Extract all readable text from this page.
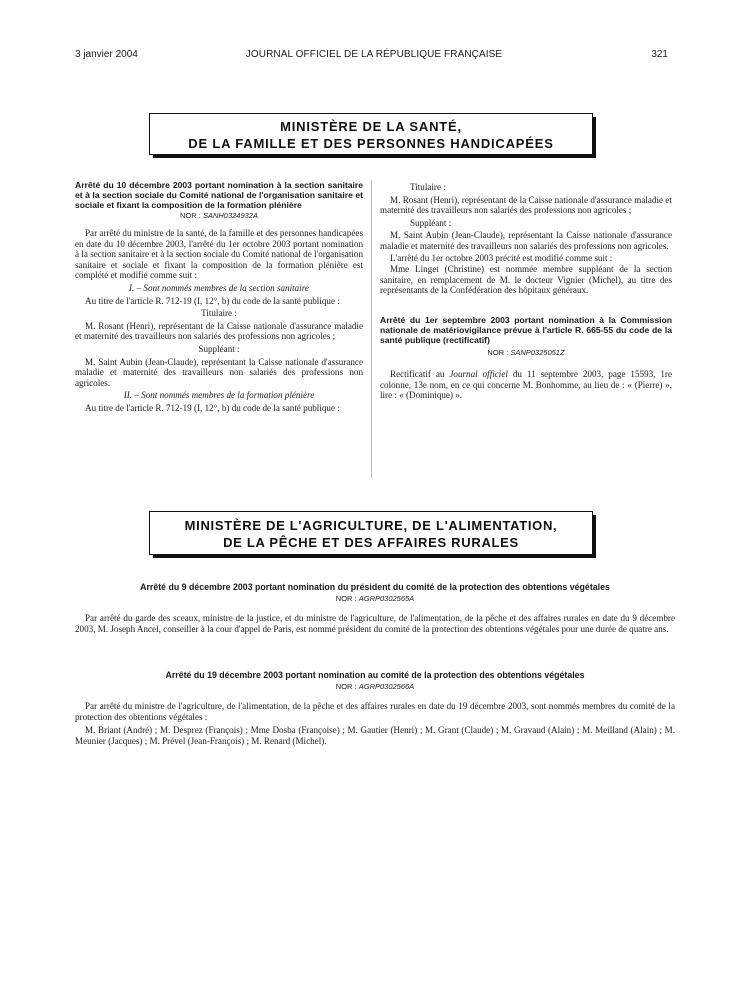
3 janvier 2004	JOURNAL OFFICIEL DE LA RÉPUBLIQUE FRANÇAISE	321
MINISTÈRE DE LA SANTÉ,
DE LA FAMILLE ET DES PERSONNES HANDICAPÉES

Arrêté du 10 décembre 2003 portant nomination à la section sanitaire et à la section sociale du Comité national de l'organisation sanitaire et sociale et fixant la composition de la formation plénière

NOR : SANH0324932A

Par arrêté du ministre de la santé, de la famille et des personnes handicapées en date du 10 décembre 2003, l'arrêté du 1er octobre 2003 portant nomination à la section sanitaire et à la section sociale du Comité national de l'organisation sanitaire et sociale et fixant la composition de la formation plénière est complété et modifié comme suit :

I. – Sont nommés membres de la section sanitaire

Au titre de l'article R. 712-19 (I, 12°, b) du code de la santé publique :

Titulaire :

M. Rosant (Henri), représentant de la Caisse nationale d'assurance maladie et maternité des travailleurs non salariés des professions non agricoles ;

Suppléant :

M. Saint Aubin (Jean-Claude), représentant la Caisse nationale d'assurance maladie et maternité des travailleurs non salariés des professions non agricoles.

II. – Sont nommés membres de la formation plénière

Au titre de l'article R. 712-19 (I, 12°, b) du code de la santé publique :

Titulaire :

M. Rosant (Henri), représentant de la Caisse nationale d'assurance maladie et maternité des travailleurs non salariés des professions non agricoles ;

Suppléant :

M. Saint Aubin (Jean-Claude), représentant la Caisse nationale d'assurance maladie et maternité des travailleurs non salariés des professions non agricoles.

L'arrêté du 1er octobre 2003 précité est modifié comme suit :

Mme Linget (Christine) est nommée membre suppléant de la section sanitaire, en remplacement de M. le docteur Vignier (Michel), au titre des représentants de la Confédération des hôpitaux généraux.

Arrêté du 1er septembre 2003 portant nomination à la Commission nationale de matériovigilance prévue à l'article R. 665-55 du code de la santé publique (rectificatif)

NOR : SANP0325051Z

Rectificatif au Journal officiel du 11 septembre 2003, page 15593, 1re colonne, 13e nom, en ce qui concerne M. Bonhomme, au lieu de : « (Pierre) », lire : « (Dominique) ».

MINISTÈRE DE L'AGRICULTURE, DE L'ALIMENTATION,
DE LA PÊCHE ET DES AFFAIRES RURALES

Arrêté du 9 décembre 2003 portant nomination du président du comité de la protection des obtentions végétales

NOR : AGRP0302565A

Par arrêté du garde des sceaux, ministre de la justice, et du ministre de l'agriculture, de l'alimentation, de la pêche et des affaires rurales en date du 9 décembre 2003, M. Joseph Ancel, conseiller à la cour d'appel de Paris, est nommé président du comité de la protection des obtentions végétales pour une durée de quatre ans.

Arrêté du 19 décembre 2003 portant nomination au comité de la protection des obtentions végétales

NOR : AGRP0302566A

Par arrêté du ministre de l'agriculture, de l'alimentation, de la pêche et des affaires rurales en date du 19 décembre 2003, sont nommés membres du comité de la protection des obtentions végétales :

M. Briant (André) ; M. Desprez (François) ; Mme Dosba (Françoise) ; M. Gautier (Henri) ; M. Grant (Claude) ; M. Gravaud (Alain) ; M. Meilland (Alain) ; M. Meunier (Jacques) ; M. Prével (Jean-François) ; M. Renard (Michel).
